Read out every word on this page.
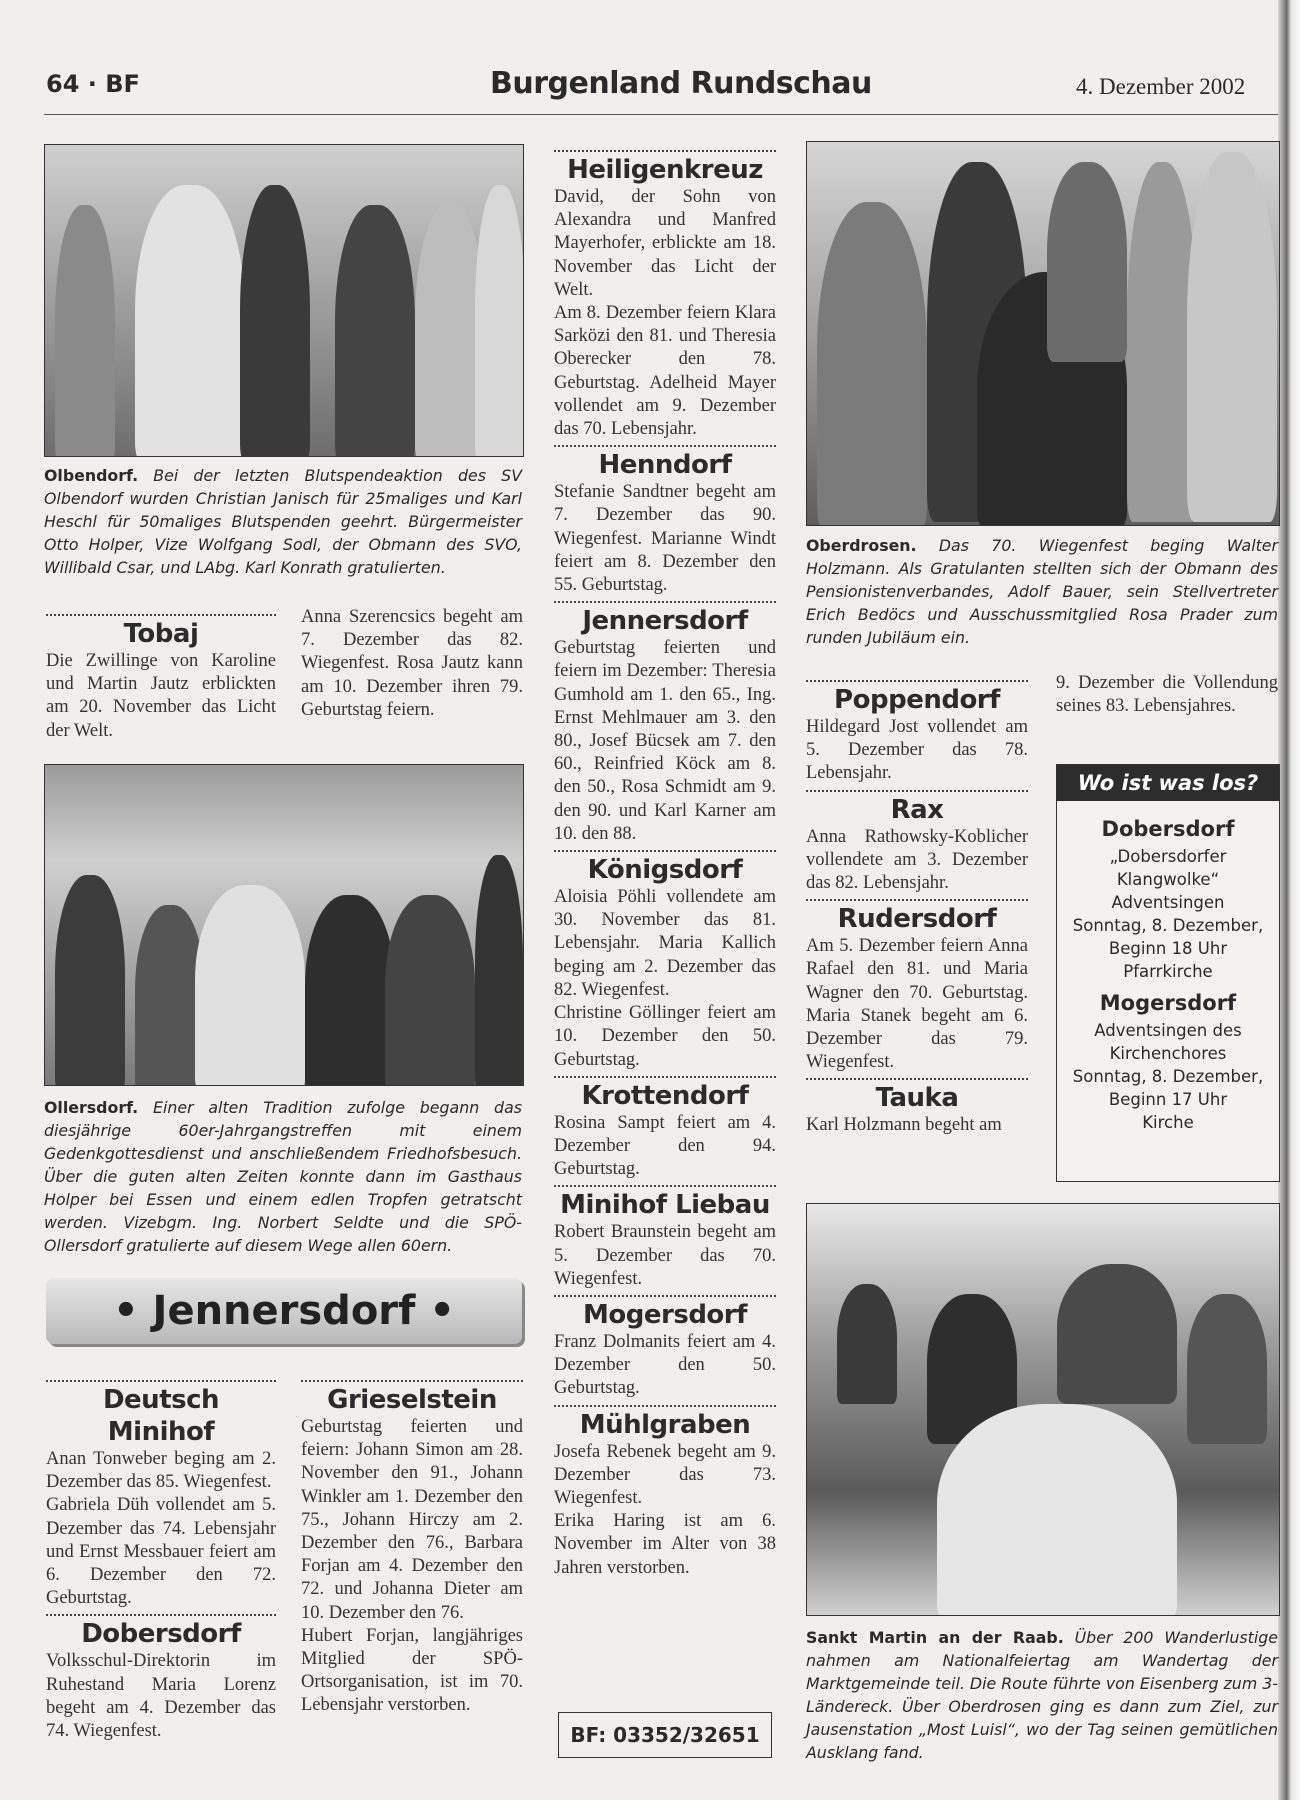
64 · BF	Burgenland Rundschau	4. Dezember 2002

Olbendorf. Bei der letzten Blutspendeaktion des SV Olbendorf wurden Christian Janisch für 25maliges und Karl Heschl für 50maliges Blutspenden geehrt. Bürgermeister Otto Holper, Vize Wolfgang Sodl, der Obmann des SVO, Willibald Csar, und LAbg. Karl Konrath gratulierten.

Tobaj

Die Zwillinge von Karoline und Martin Jautz erblickten am 20. November das Licht der Welt.

Anna Szerencsics begeht am 7. Dezember das 82. Wiegenfest. Rosa Jautz kann am 10. Dezember ihren 79. Geburtstag feiern.

Ollersdorf. Einer alten Tradition zufolge begann das diesjährige 60er-Jahrgangstreffen mit einem Gedenkgottesdienst und anschließendem Friedhofsbesuch. Über die guten alten Zeiten konnte dann im Gasthaus Holper bei Essen und einem edlen Tropfen getratscht werden. Vizebgm. Ing. Norbert Seldte und die SPÖ-Ollersdorf gratulierte auf diesem Wege allen 60ern.

• Jennersdorf •

Deutsch Minihof

Anan Tonweber beging am 2. Dezember das 85. Wiegenfest.

Gabriela Düh vollendet am 5. Dezember das 74. Lebensjahr und Ernst Messbauer feiert am 6. Dezember den 72. Geburtstag.

Dobersdorf

Volksschul-Direktorin im Ruhestand Maria Lorenz begeht am 4. Dezember das 74. Wiegenfest.

Grieselstein

Geburtstag feierten und feiern: Johann Simon am 28. November den 91., Johann Winkler am 1. Dezember den 75., Johann Hirczy am 2. Dezember den 76., Barbara Forjan am 4. Dezember den 72. und Johanna Dieter am 10. Dezember den 76.

Hubert Forjan, langjähriges Mitglied der SPÖ-Ortsorganisation, ist im 70. Lebensjahr verstorben.

Heiligenkreuz

David, der Sohn von Alexandra und Manfred Mayerhofer, erblickte am 18. November das Licht der Welt.

Am 8. Dezember feiern Klara Sarközi den 81. und Theresia Oberecker den 78. Geburtstag. Adelheid Mayer vollendet am 9. Dezember das 70. Lebensjahr.

Henndorf

Stefanie Sandtner begeht am 7. Dezember das 90. Wiegenfest. Marianne Windt feiert am 8. Dezember den 55. Geburtstag.

Jennersdorf

Geburtstag feierten und feiern im Dezember: Theresia Gumhold am 1. den 65., Ing. Ernst Mehlmauer am 3. den 80., Josef Bücsek am 7. den 60., Reinfried Köck am 8. den 50., Rosa Schmidt am 9. den 90. und Karl Karner am 10. den 88.

Königsdorf

Aloisia Pöhli vollendete am 30. November das 81. Lebensjahr. Maria Kallich beging am 2. Dezember das 82. Wiegenfest.

Christine Göllinger feiert am 10. Dezember den 50. Geburtstag.

Krottendorf

Rosina Sampt feiert am 4. Dezember den 94. Geburtstag.

Minihof Liebau

Robert Braunstein begeht am 5. Dezember das 70. Wiegenfest.

Mogersdorf

Franz Dolmanits feiert am 4. Dezember den 50. Geburtstag.

Mühlgraben

Josefa Rebenek begeht am 9. Dezember das 73. Wiegenfest.

Erika Haring ist am 6. November im Alter von 38 Jahren verstorben.

BF: 03352/32651

Oberdrosen. Das 70. Wiegenfest beging Walter Holzmann. Als Gratulanten stellten sich der Obmann des Pensionistenverbandes, Adolf Bauer, sein Stellvertreter Erich Bedöcs und Ausschussmitglied Rosa Prader zum runden Jubiläum ein.

Poppendorf

Hildegard Jost vollendet am 5. Dezember das 78. Lebensjahr.

Rax

Anna Rathowsky-Koblicher vollendete am 3. Dezember das 82. Lebensjahr.

Rudersdorf

Am 5. Dezember feiern Anna Rafael den 81. und Maria Wagner den 70. Geburtstag. Maria Stanek begeht am 6. Dezember das 79. Wiegenfest.

Tauka

Karl Holzmann begeht am

9. Dezember die Vollendung seines 83. Lebensjahres.

Wo ist was los?
Dobersdorf
„Dobersdorfer
Klangwolke“
Adventsingen
Sonntag, 8. Dezember,
Beginn 18 Uhr
Pfarrkirche
Mogersdorf
Adventsingen des
Kirchenchores
Sonntag, 8. Dezember,
Beginn 17 Uhr
Kirche

Sankt Martin an der Raab. Über 200 Wanderlustige nahmen am Nationalfeiertag am Wandertag der Marktgemeinde teil. Die Route führte von Eisenberg zum 3-Ländereck. Über Oberdrosen ging es dann zum Ziel, zur Jausenstation „Most Luisl“, wo der Tag seinen gemütlichen Ausklang fand.
